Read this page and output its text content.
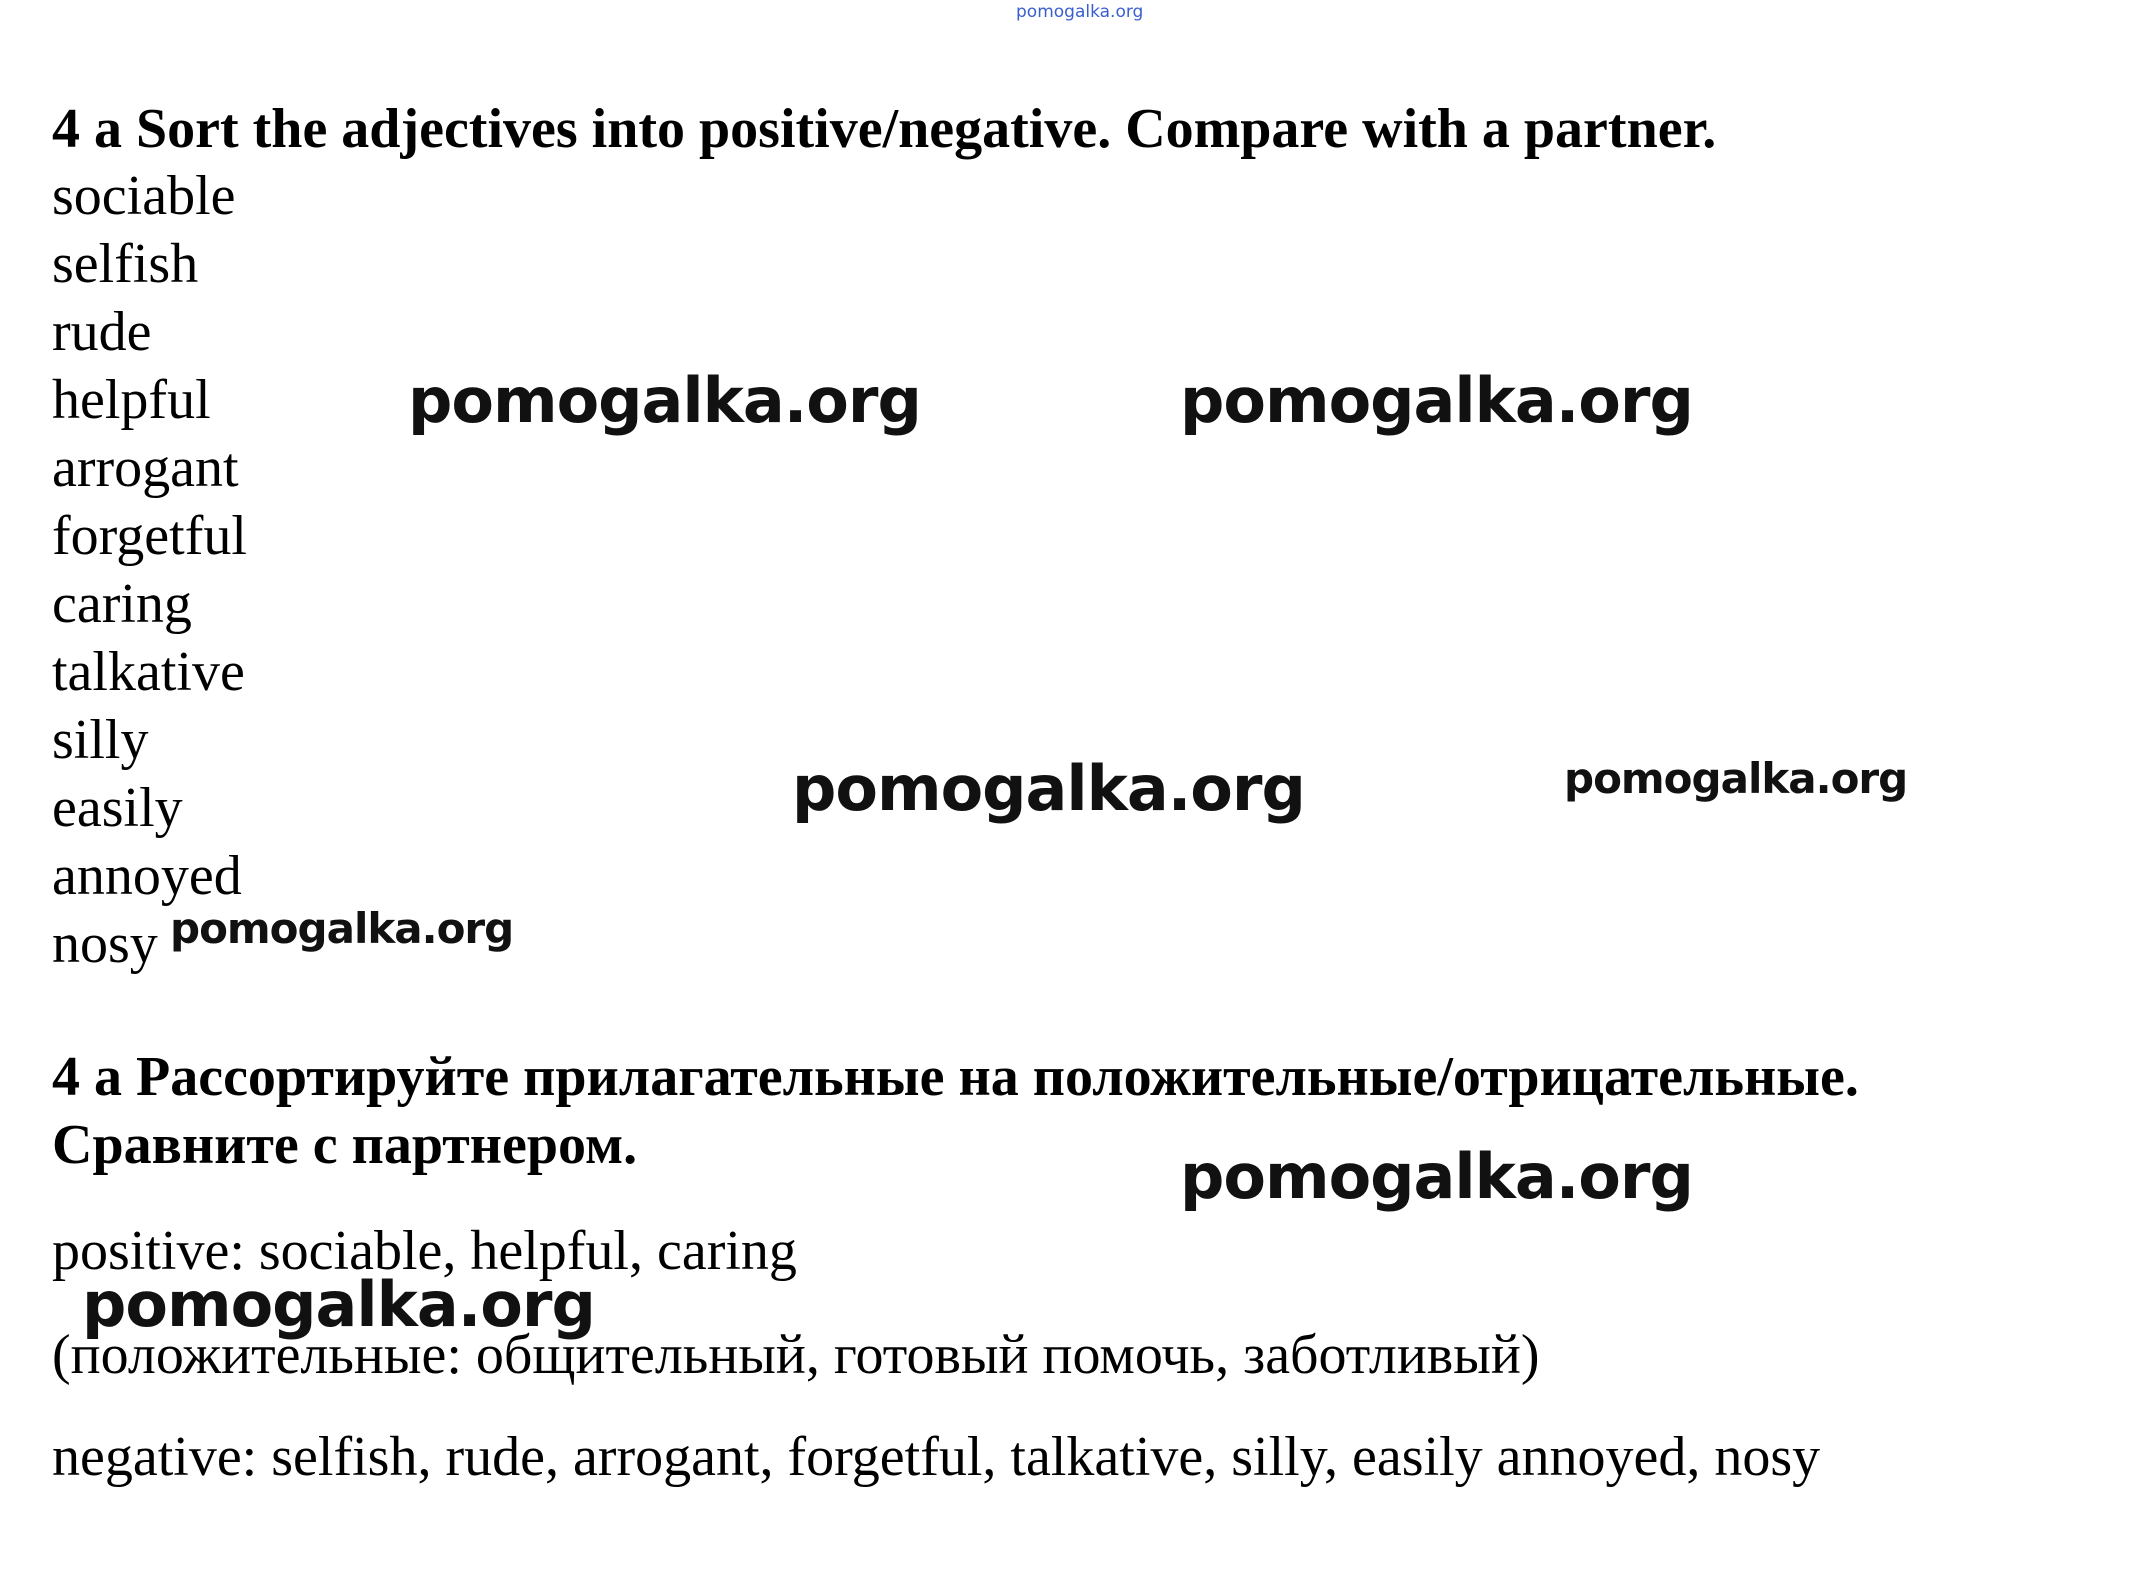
pomogalka.org
4 a Sort the adjectives into positive/negative. Compare with a partner.
sociable
selfish
rude
helpful
arrogant
forgetful
caring
talkative
silly
easily
annoyed
nosy
4 a Рассортируйте прилагательные на положительные/отрицательные.
Сравните с партнером.
positive: sociable, helpful, caring
(положительные: общительный, готовый помочь, заботливый)
negative: selfish, rude, arrogant, forgetful, talkative, silly, easily annoyed, nosy
pomogalka.org	pomogalka.org
pomogalka.org	pomogalka.org
pomogalka.org
pomogalka.org
pomogalka.org
